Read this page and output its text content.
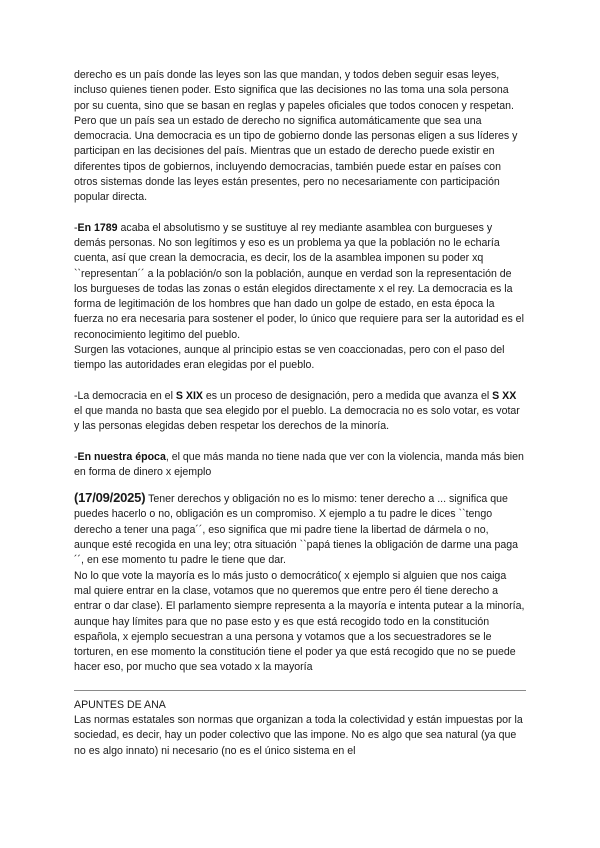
derecho es un país donde las leyes son las que mandan, y todos deben seguir esas leyes, incluso quienes tienen poder. Esto significa que las decisiones no las toma una sola persona por su cuenta, sino que se basan en reglas y papeles oficiales que todos conocen y respetan.
Pero que un país sea un estado de derecho no significa automáticamente que sea una democracia. Una democracia es un tipo de gobierno donde las personas eligen a sus líderes y participan en las decisiones del país. Mientras que un estado de derecho puede existir en diferentes tipos de gobiernos, incluyendo democracias, también puede estar en países con otros sistemas donde las leyes están presentes, pero no necesariamente con participación popular directa.

-En 1789 acaba el absolutismo y se sustituye al rey mediante asamblea con burgueses y demás personas. No son legítimos y eso es un problema ya que la población no le echaría cuenta, así que crean la democracia, es decir, los de la asamblea imponen su poder xq ``representan´´ a la población/o son la población, aunque en verdad son la representación de los burgueses de todas las zonas o están elegidos directamente x el rey. La democracia es la forma de legitimación de los hombres que han dado un golpe de estado, en esta época la fuerza no era necesaria para sostener el poder, lo único que requiere para ser la autoridad es el reconocimiento legitimo del pueblo.
Surgen las votaciones, aunque al principio estas se ven coaccionadas, pero con el paso del tiempo las autoridades eran elegidas por el pueblo.

-La democracia en el S XIX es un proceso de designación, pero a medida que avanza el S XX el que manda no basta que sea elegido por el pueblo. La democracia no es solo votar, es votar y las personas elegidas deben respetar los derechos de la minoría.

-En nuestra época, el que más manda no tiene nada que ver con la violencia, manda más bien en forma de dinero x ejemplo

(17/09/2025) Tener derechos y obligación no es lo mismo: tener derecho a ... significa que puedes hacerlo o no, obligación es un compromiso. X ejemplo a tu padre le dices ``tengo derecho a tener una paga´´, eso significa que mi padre tiene la libertad de dármela o no, aunque esté recogida en una ley; otra situación ``papá tienes la obligación de darme una paga´´, en ese momento tu padre le tiene que dar.
No lo que vote la mayoría es lo más justo o democrático( x ejemplo si alguien que nos caiga mal quiere entrar en la clase, votamos que no queremos que entre pero él tiene derecho a entrar o dar clase). El parlamento siempre representa a la mayoría e intenta putear a la minoría, aunque hay límites para que no pase esto y es que está recogido todo en la constitución española, x ejemplo secuestran a una persona y votamos que a los secuestradores se le torturen, en ese momento la constitución tiene el poder ya que está recogido que no se puede hacer eso, por mucho que sea votado x la mayoría

APUNTES DE ANA

Las normas estatales son normas que organizan a toda la colectividad y están impuestas por la sociedad, es decir, hay un poder colectivo que las impone. No es algo que sea natural (ya que no es algo innato) ni necesario (no es el único sistema en el
